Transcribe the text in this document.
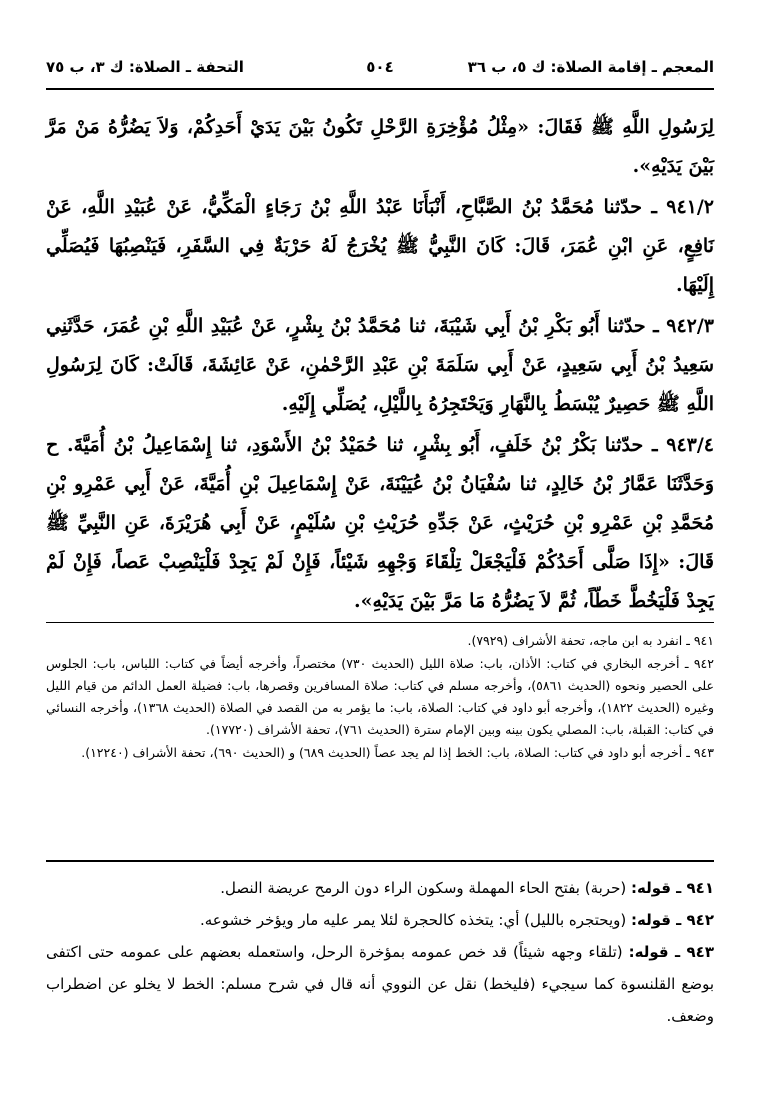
المعجم ـ إقامة الصلاة: ك ٥، ب ٣٦
٥٠٤
التحفة ـ الصلاة: ك ٣، ب ٧٥

لِرَسُولِ اللَّهِ ﷺ فَقَالَ: «مِثْلُ مُؤْخِرَةِ الرَّحْلِ تَكُونُ بَيْنَ يَدَيْ أَحَدِكُمْ، وَلاَ يَضُرُّهُ مَنْ مَرَّ بَيْنَ يَدَيْهِ».

٩٤١/٢ ـ حدّثنا مُحَمَّدُ بْنُ الصَّبَّاحِ، أَنْبَأَنَا عَبْدُ اللَّهِ بْنُ رَجَاءٍ الْمَكِّيُّ، عَنْ عُبَيْدِ اللَّهِ، عَنْ نَافِعٍ، عَنِ ابْنِ عُمَرَ، قَالَ: كَانَ النَّبِيُّ ﷺ يُخْرَجُ لَهُ حَرْبَةٌ فِي السَّفَرِ، فَيَنْصِبُهَا فَيُصَلِّي إِلَيْهَا.

٩٤٢/٣ ـ حدّثنا أَبُو بَكْرِ بْنُ أَبِي شَيْبَةَ، ثنا مُحَمَّدُ بْنُ بِشْرٍ، عَنْ عُبَيْدِ اللَّهِ بْنِ عُمَرَ، حَدَّثَنِي سَعِيدُ بْنُ أَبِي سَعِيدٍ، عَنْ أَبِي سَلَمَةَ بْنِ عَبْدِ الرَّحْمٰنِ، عَنْ عَائِشَةَ، قَالَتْ: كَانَ لِرَسُولِ اللَّهِ ﷺ حَصِيرٌ يُبْسَطُ بِالنَّهَارِ وَيَحْتَجِرُهُ بِاللَّيْلِ، يُصَلِّي إِلَيْهِ.

٩٤٣/٤ ـ حدّثنا بَكْرُ بْنُ خَلَفٍ، أَبُو بِشْرٍ، ثنا حُمَيْدُ بْنُ الأَسْوَدِ، ثنا إِسْمَاعِيلُ بْنُ أُمَيَّةَ. ح وَحَدَّثَنَا عَمَّارُ بْنُ خَالِدٍ، ثنا سُفْيَانُ بْنُ عُيَيْنَةَ، عَنْ إِسْمَاعِيلَ بْنِ أُمَيَّةَ، عَنْ أَبِي عَمْرِو بْنِ مُحَمَّدِ بْنِ عَمْرِو بْنِ حُرَيْثٍ، عَنْ جَدِّهِ حُرَيْثِ بْنِ سُلَيْمٍ، عَنْ أَبِي هُرَيْرَةَ، عَنِ النَّبِيِّ ﷺ قَالَ: «إِذَا صَلَّى أَحَدُكُمْ فَلْيَجْعَلْ تِلْقَاءَ وَجْهِهِ شَيْئاً، فَإِنْ لَمْ يَجِدْ فَلْيَنْصِبْ عَصاً، فَإِنْ لَمْ يَجِدْ فَلْيَخُطَّ خَطّاً، ثُمَّ لاَ يَضُرُّهُ مَا مَرَّ بَيْنَ يَدَيْهِ».

٩٤١ ـ انفرد به ابن ماجه، تحفة الأشراف (٧٩٢٩).

٩٤٢ ـ أخرجه البخاري في كتاب: الأذان، باب: صلاة الليل (الحديث ٧٣٠) مختصراً، وأخرجه أيضاً في كتاب: اللباس، باب: الجلوس على الحصير ونحوه (الحديث ٥٨٦١)، وأخرجه مسلم في كتاب: صلاة المسافرين وقصرها، باب: فضيلة العمل الدائم من قيام الليل وغيره (الحديث ١٨٢٢)، وأخرجه أبو داود في كتاب: الصلاة، باب: ما يؤمر به من القصد في الصلاة (الحديث ١٣٦٨)، وأخرجه النسائي في كتاب: القبلة، باب: المصلي يكون بينه وبين الإمام سترة (الحديث ٧٦١)، تحفة الأشراف (١٧٧٢٠).

٩٤٣ ـ أخرجه أبو داود في كتاب: الصلاة، باب: الخط إذا لم يجد عصاً (الحديث ٦٨٩) و (الحديث ٦٩٠)، تحفة الأشراف (١٢٢٤٠).

٩٤١ ـ قوله: (حربة) بفتح الحاء المهملة وسكون الراء دون الرمح عريضة النصل.

٩٤٢ ـ قوله: (ويحتجره بالليل) أي: يتخذه كالحجرة لئلا يمر عليه مار ويؤخر خشوعه.

٩٤٣ ـ قوله: (تلقاء وجهه شيئاً) قد خص عمومه بمؤخرة الرحل، واستعمله بعضهم على عمومه حتى اكتفى بوضع القلنسوة كما سيجيء (فليخط) نقل عن النووي أنه قال في شرح مسلم: الخط لا يخلو عن اضطراب وضعف.
